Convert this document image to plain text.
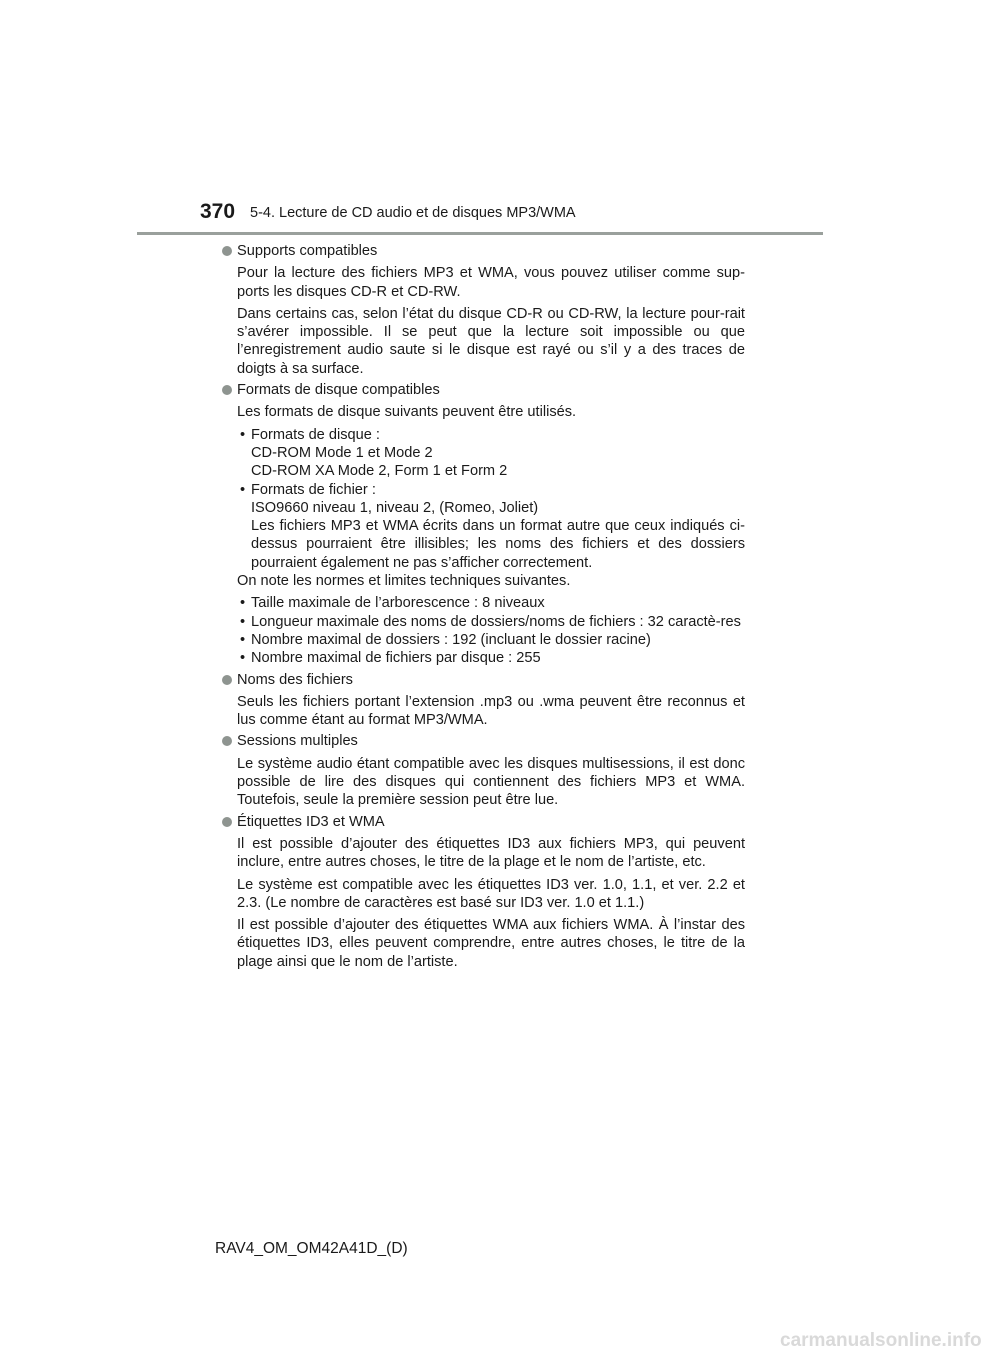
370 5-4. Lecture de CD audio et de disques MP3/WMA
Supports compatibles

Pour la lecture des fichiers MP3 et WMA, vous pouvez utiliser comme sup-ports les disques CD-R et CD-RW.

Dans certains cas, selon l’état du disque CD-R ou CD-RW, la lecture pour-rait s’avérer impossible. Il se peut que la lecture soit impossible ou que l’enregistrement audio saute si le disque est rayé ou s’il y a des traces de doigts à sa surface.

Formats de disque compatibles

Les formats de disque suivants peuvent être utilisés.

• Formats de disque :
CD-ROM Mode 1 et Mode 2
CD-ROM XA Mode 2, Form 1 et Form 2
• Formats de fichier :
ISO9660 niveau 1, niveau 2, (Romeo, Joliet)
Les fichiers MP3 et WMA écrits dans un format autre que ceux indiqués ci-dessus pourraient être illisibles; les noms des fichiers et des dossiers pourraient également ne pas s’afficher correctement.

On note les normes et limites techniques suivantes.

• Taille maximale de l’arborescence : 8 niveaux
• Longueur maximale des noms de dossiers/noms de fichiers : 32 caractè-res
• Nombre maximal de dossiers : 192 (incluant le dossier racine)
• Nombre maximal de fichiers par disque : 255
Noms des fichiers

Seuls les fichiers portant l’extension .mp3 ou .wma peuvent être reconnus et lus comme étant au format MP3/WMA.

Sessions multiples

Le système audio étant compatible avec les disques multisessions, il est donc possible de lire des disques qui contiennent des fichiers MP3 et WMA. Toutefois, seule la première session peut être lue.

Étiquettes ID3 et WMA

Il est possible d’ajouter des étiquettes ID3 aux fichiers MP3, qui peuvent inclure, entre autres choses, le titre de la plage et le nom de l’artiste, etc.

Le système est compatible avec les étiquettes ID3 ver. 1.0, 1.1, et ver. 2.2 et 2.3. (Le nombre de caractères est basé sur ID3 ver. 1.0 et 1.1.)

Il est possible d’ajouter des étiquettes WMA aux fichiers WMA. À l’instar des étiquettes ID3, elles peuvent comprendre, entre autres choses, le titre de la plage ainsi que le nom de l’artiste.

RAV4_OM_OM42A41D_(D)
carmanualsonline.info
